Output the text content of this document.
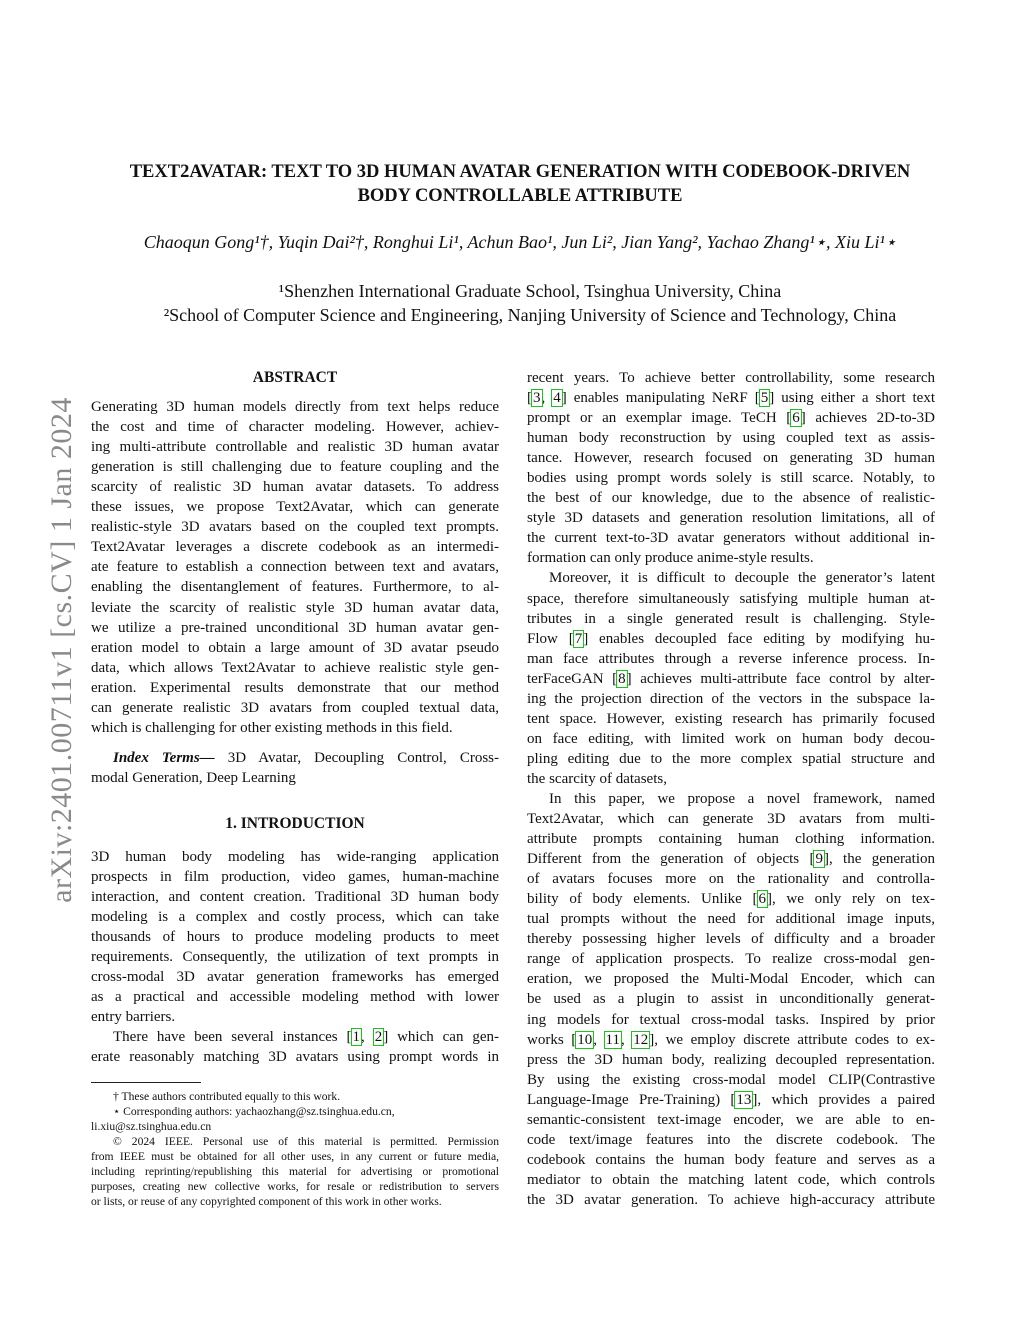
arXiv:2401.00711v1 [cs.CV] 1 Jan 2024
TEXT2AVATAR: TEXT TO 3D HUMAN AVATAR GENERATION WITH CODEBOOK-DRIVEN
BODY CONTROLLABLE ATTRIBUTE
Chaoqun Gong¹†, Yuqin Dai²†, Ronghui Li¹, Achun Bao¹, Jun Li², Jian Yang², Yachao Zhang¹⋆, Xiu Li¹⋆
¹Shenzhen International Graduate School, Tsinghua University, China
²School of Computer Science and Engineering, Nanjing University of Science and Technology, China
ABSTRACT
Generating 3D human models directly from text helps reduce
the cost and time of character modeling. However, achiev-
ing multi-attribute controllable and realistic 3D human avatar
generation is still challenging due to feature coupling and the
scarcity of realistic 3D human avatar datasets. To address
these issues, we propose Text2Avatar, which can generate
realistic-style 3D avatars based on the coupled text prompts.
Text2Avatar leverages a discrete codebook as an intermedi-
ate feature to establish a connection between text and avatars,
enabling the disentanglement of features. Furthermore, to al-
leviate the scarcity of realistic style 3D human avatar data,
we utilize a pre-trained unconditional 3D human avatar gen-
eration model to obtain a large amount of 3D avatar pseudo
data, which allows Text2Avatar to achieve realistic style gen-
eration. Experimental results demonstrate that our method
can generate realistic 3D avatars from coupled textual data,
which is challenging for other existing methods in this field.
Index Terms— 3D Avatar, Decoupling Control, Cross-
modal Generation, Deep Learning
1. INTRODUCTION
3D human body modeling has wide-ranging application
prospects in film production, video games, human-machine
interaction, and content creation. Traditional 3D human body
modeling is a complex and costly process, which can take
thousands of hours to produce modeling products to meet
requirements. Consequently, the utilization of text prompts in
cross-modal 3D avatar generation frameworks has emerged
as a practical and accessible modeling method with lower
entry barriers.
There have been several instances [1, 2] which can gen-
erate reasonably matching 3D avatars using prompt words in
† These authors contributed equally to this work.
⋆ Corresponding authors: yachaozhang@sz.tsinghua.edu.cn,
li.xiu@sz.tsinghua.edu.cn
© 2024 IEEE. Personal use of this material is permitted. Permission
from IEEE must be obtained for all other uses, in any current or future media,
including reprinting/republishing this material for advertising or promotional
purposes, creating new collective works, for resale or redistribution to servers
or lists, or reuse of any copyrighted component of this work in other works.
recent years. To achieve better controllability, some research
[3, 4] enables manipulating NeRF [5] using either a short text
prompt or an exemplar image. TeCH [6] achieves 2D-to-3D
human body reconstruction by using coupled text as assis-
tance. However, research focused on generating 3D human
bodies using prompt words solely is still scarce. Notably, to
the best of our knowledge, due to the absence of realistic-
style 3D datasets and generation resolution limitations, all of
the current text-to-3D avatar generators without additional in-
formation can only produce anime-style results.
Moreover, it is difficult to decouple the generator’s latent
space, therefore simultaneously satisfying multiple human at-
tributes in a single generated result is challenging. Style-
Flow [7] enables decoupled face editing by modifying hu-
man face attributes through a reverse inference process. In-
terFaceGAN [8] achieves multi-attribute face control by alter-
ing the projection direction of the vectors in the subspace la-
tent space. However, existing research has primarily focused
on face editing, with limited work on human body decou-
pling editing due to the more complex spatial structure and
the scarcity of datasets,
In this paper, we propose a novel framework, named
Text2Avatar, which can generate 3D avatars from multi-
attribute prompts containing human clothing information.
Different from the generation of objects [9], the generation
of avatars focuses more on the rationality and controlla-
bility of body elements. Unlike [6], we only rely on tex-
tual prompts without the need for additional image inputs,
thereby possessing higher levels of difficulty and a broader
range of application prospects. To realize cross-modal gen-
eration, we proposed the Multi-Modal Encoder, which can
be used as a plugin to assist in unconditionally generat-
ing models for textual cross-modal tasks. Inspired by prior
works [10, 11, 12], we employ discrete attribute codes to ex-
press the 3D human body, realizing decoupled representation.
By using the existing cross-modal model CLIP(Contrastive
Language-Image Pre-Training) [13], which provides a paired
semantic-consistent text-image encoder, we are able to en-
code text/image features into the discrete codebook. The
codebook contains the human body feature and serves as a
mediator to obtain the matching latent code, which controls
the 3D avatar generation. To achieve high-accuracy attribute
